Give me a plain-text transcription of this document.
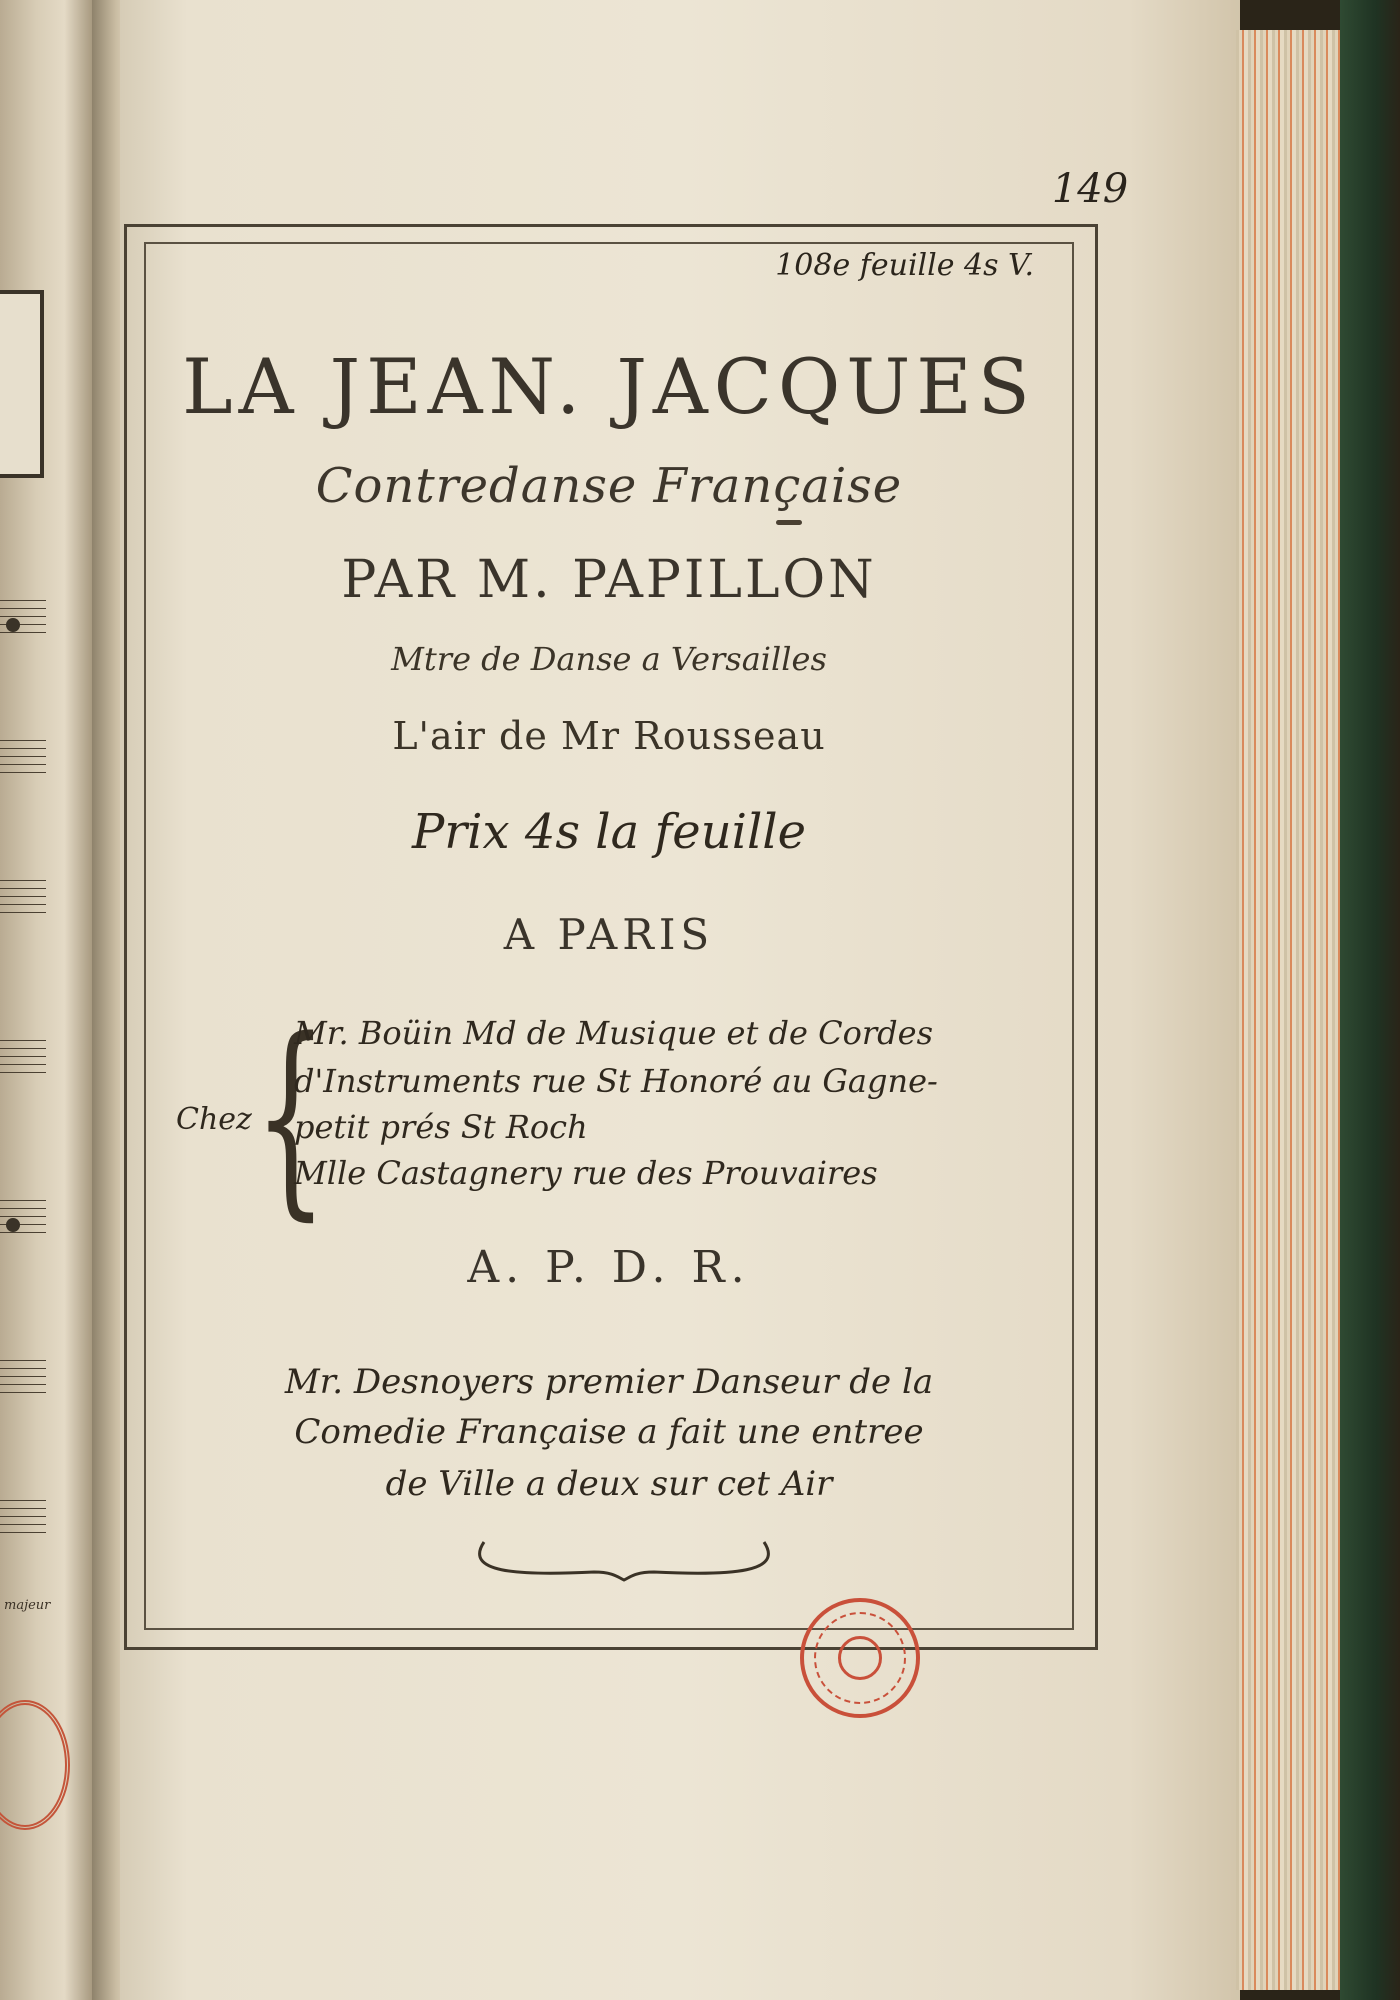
majeur
149
108e feuille 4s V.
LA JEAN. JACQUES
Contredanse Française
PAR M. PAPILLON
Mtre de Danse a Versailles
L'air de Mr Rousseau
Prix 4s la feuille
A PARIS
Chez {
Mr. Boüin Md de Musique et de Cordes
d'Instruments rue St Honoré au Gagne-
petit prés St Roch
Mlle Castagnery rue des Prouvaires
A. P. D. R.
Mr. Desnoyers premier Danseur de la
Comedie Française a fait une entree
de Ville a deux sur cet Air
